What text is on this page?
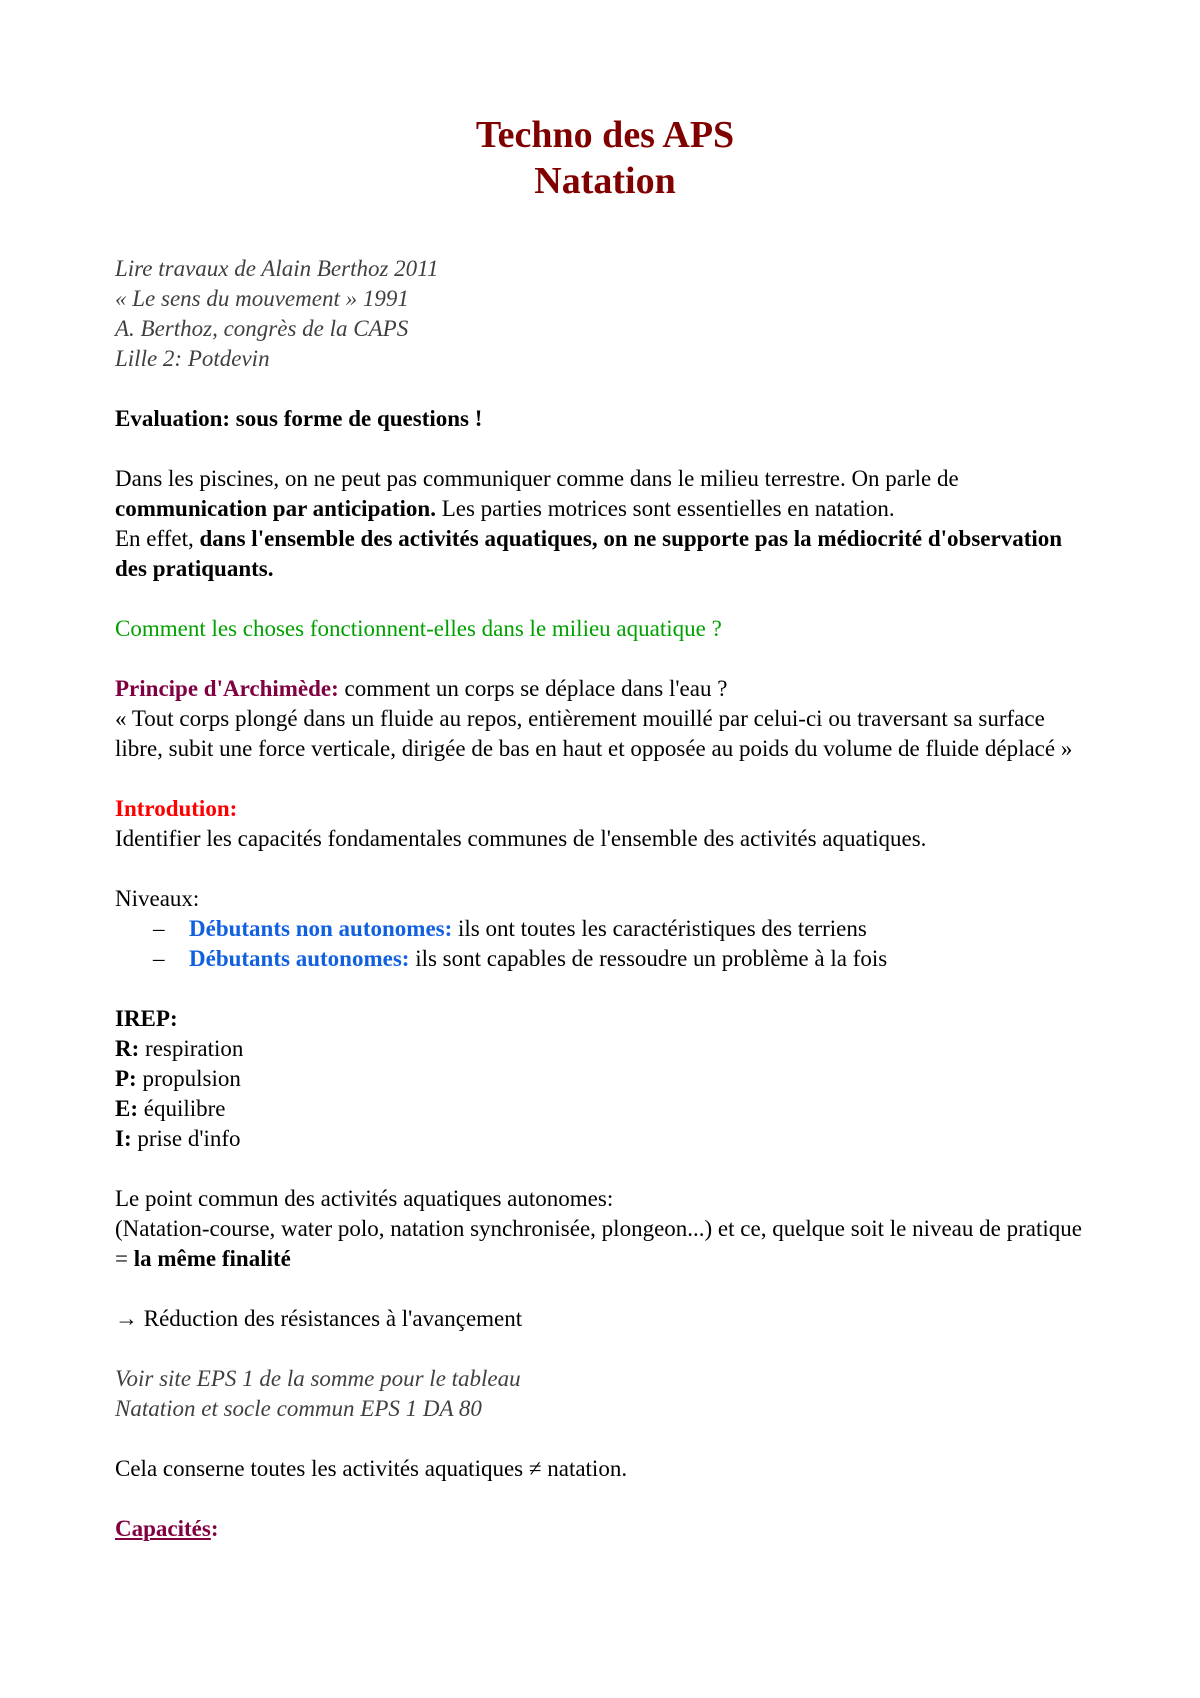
Techno des APS
Natation
Lire travaux de Alain Berthoz 2011
« Le sens du mouvement » 1991
A. Berthoz, congrès de la CAPS
Lille 2: Potdevin

Evaluation: sous forme de questions !

Dans les piscines, on ne peut pas communiquer comme dans le milieu terrestre. On parle de communication par anticipation. Les parties motrices sont essentielles en natation.
En effet, dans l'ensemble des activités aquatiques, on ne supporte pas la médiocrité d'observation des pratiquants.

Comment les choses fonctionnent-elles dans le milieu aquatique ?

Principe d'Archimède: comment un corps se déplace dans l'eau ?
« Tout corps plongé dans un fluide au repos, entièrement mouillé par celui-ci ou traversant sa surface libre, subit une force verticale, dirigée de bas en haut et opposée au poids du volume de fluide déplacé »

Introdution:
Identifier les capacités fondamentales communes de l'ensemble des activités aquatiques.

Niveaux:

– Débutants non autonomes: ils ont toutes les caractéristiques des terriens
– Débutants autonomes: ils sont capables de ressoudre un problème à la fois

IREP:

R: respiration

P: propulsion

E: équilibre

I: prise d'info

Le point commun des activités aquatiques autonomes:
(Natation-course, water polo, natation synchronisée, plongeon...) et ce, quelque soit le niveau de pratique = la même finalité

→ Réduction des résistances à l'avançement

Voir site EPS 1 de la somme pour le tableau
Natation et socle commun EPS 1 DA 80

Cela conserne toutes les activités aquatiques ≠ natation.

Capacités:
